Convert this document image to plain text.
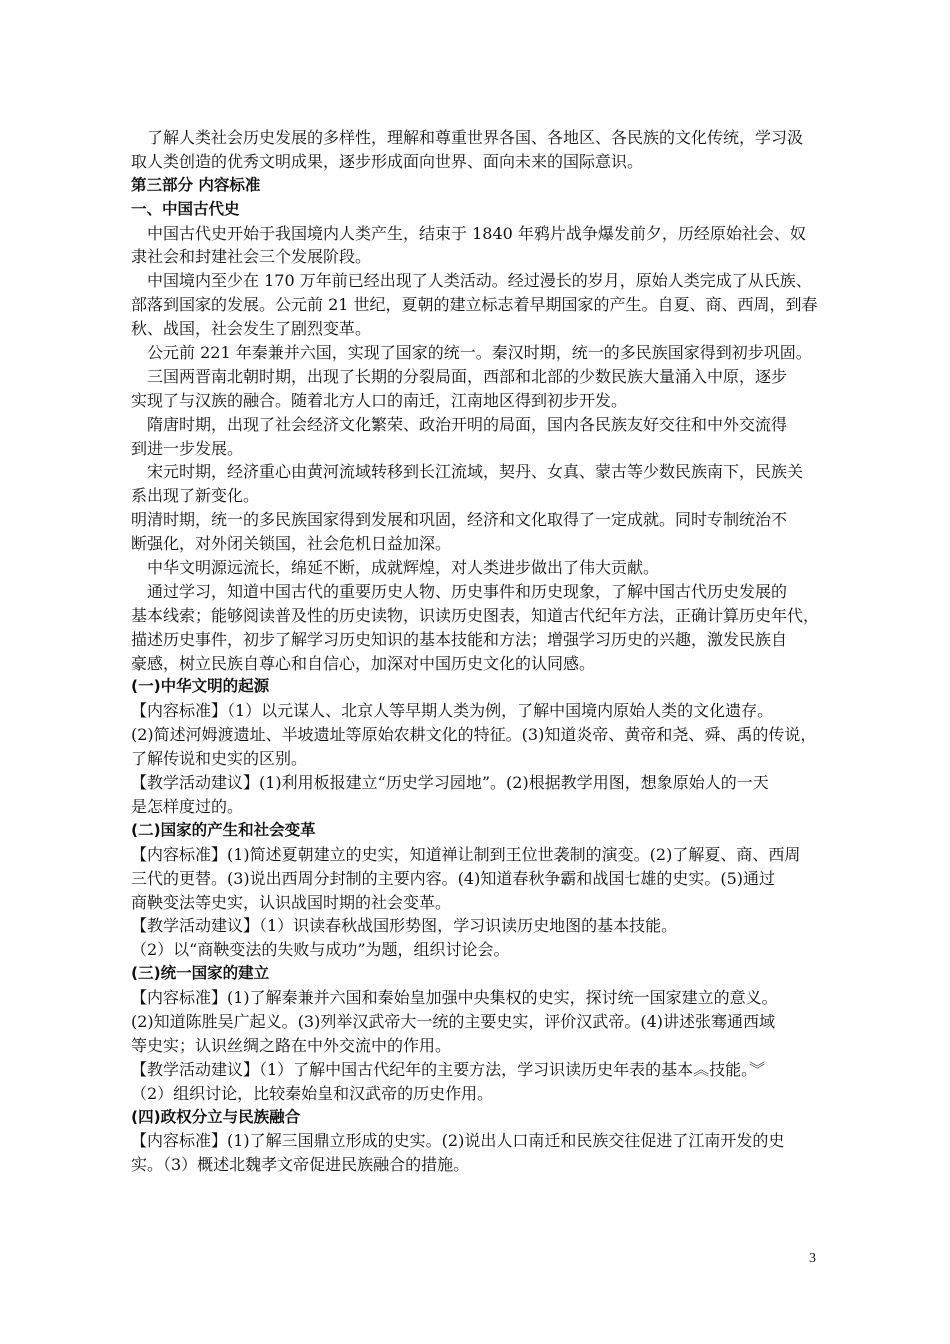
了解人类社会历史发展的多样性，理解和尊重世界各国、各地区、各民族的文化传统，学习汲
取人类创造的优秀文明成果，逐步形成面向世界、面向未来的国际意识。
第三部分 内容标准
一、中国古代史
中国古代史开始于我国境内人类产生，结束于 1840 年鸦片战争爆发前夕，历经原始社会、奴
隶社会和封建社会三个发展阶段。
中国境内至少在 170 万年前已经出现了人类活动。经过漫长的岁月，原始人类完成了从氏族、
部落到国家的发展。公元前 21 世纪，夏朝的建立标志着早期国家的产生。自夏、商、西周，到春
秋、战国，社会发生了剧烈变革。
公元前 221 年秦兼并六国，实现了国家的统一。秦汉时期，统一的多民族国家得到初步巩固。
三国两晋南北朝时期，出现了长期的分裂局面，西部和北部的少数民族大量涌入中原，逐步
实现了与汉族的融合。随着北方人口的南迁，江南地区得到初步开发。
隋唐时期，出现了社会经济文化繁荣、政治开明的局面，国内各民族友好交往和中外交流得
到进一步发展。
宋元时期，经济重心由黄河流域转移到长江流域，契丹、女真、蒙古等少数民族南下，民族关
系出现了新变化。
明清时期，统一的多民族国家得到发展和巩固，经济和文化取得了一定成就。同时专制统治不
断强化，对外闭关锁国，社会危机日益加深。
中华文明源远流长，绵延不断，成就辉煌，对人类进步做出了伟大贡献。
通过学习，知道中国古代的重要历史人物、历史事件和历史现象，了解中国古代历史发展的
基本线索；能够阅读普及性的历史读物，识读历史图表，知道古代纪年方法，正确计算历史年代，
描述历史事件，初步了解学习历史知识的基本技能和方法；增强学习历史的兴趣，激发民族自
豪感，树立民族自尊心和自信心，加深对中国历史文化的认同感。
(一)中华文明的起源
【内容标准】（1）以元谋人、北京人等早期人类为例，了解中国境内原始人类的文化遗存。
(2)简述河姆渡遗址、半坡遗址等原始农耕文化的特征。(3)知道炎帝、黄帝和尧、舜、禹的传说，
了解传说和史实的区别。
【教学活动建议】(1)利用板报建立“历史学习园地”。(2)根据教学用图，想象原始人的一天
是怎样度过的。
(二)国家的产生和社会变革
【内容标准】(1)简述夏朝建立的史实，知道禅让制到王位世袭制的演变。(2)了解夏、商、西周
三代的更替。(3)说出西周分封制的主要内容。(4)知道春秋争霸和战国七雄的史实。(5)通过
商鞅变法等史实，认识战国时期的社会变革。
【教学活动建议】（1）识读春秋战国形势图，学习识读历史地图的基本技能。
（2）以“商鞅变法的失败与成功”为题，组织讨论会。
(三)统一国家的建立
【内容标准】(1)了解秦兼并六国和秦始皇加强中央集权的史实，探讨统一国家建立的意义。
(2)知道陈胜吴广起义。(3)列举汉武帝大一统的主要史实，评价汉武帝。(4)讲述张骞通西域
等史实；认识丝绸之路在中外交流中的作用。
【教学活动建议】（1）了解中国古代纪年的主要方法，学习识读历史年表的基本︽技能。︾
（2）组织讨论，比较秦始皇和汉武帝的历史作用。
(四)政权分立与民族融合
【内容标准】(1)了解三国鼎立形成的史实。(2)说出人口南迁和民族交往促进了江南开发的史
实。（3）概述北魏孝文帝促进民族融合的措施。
3
